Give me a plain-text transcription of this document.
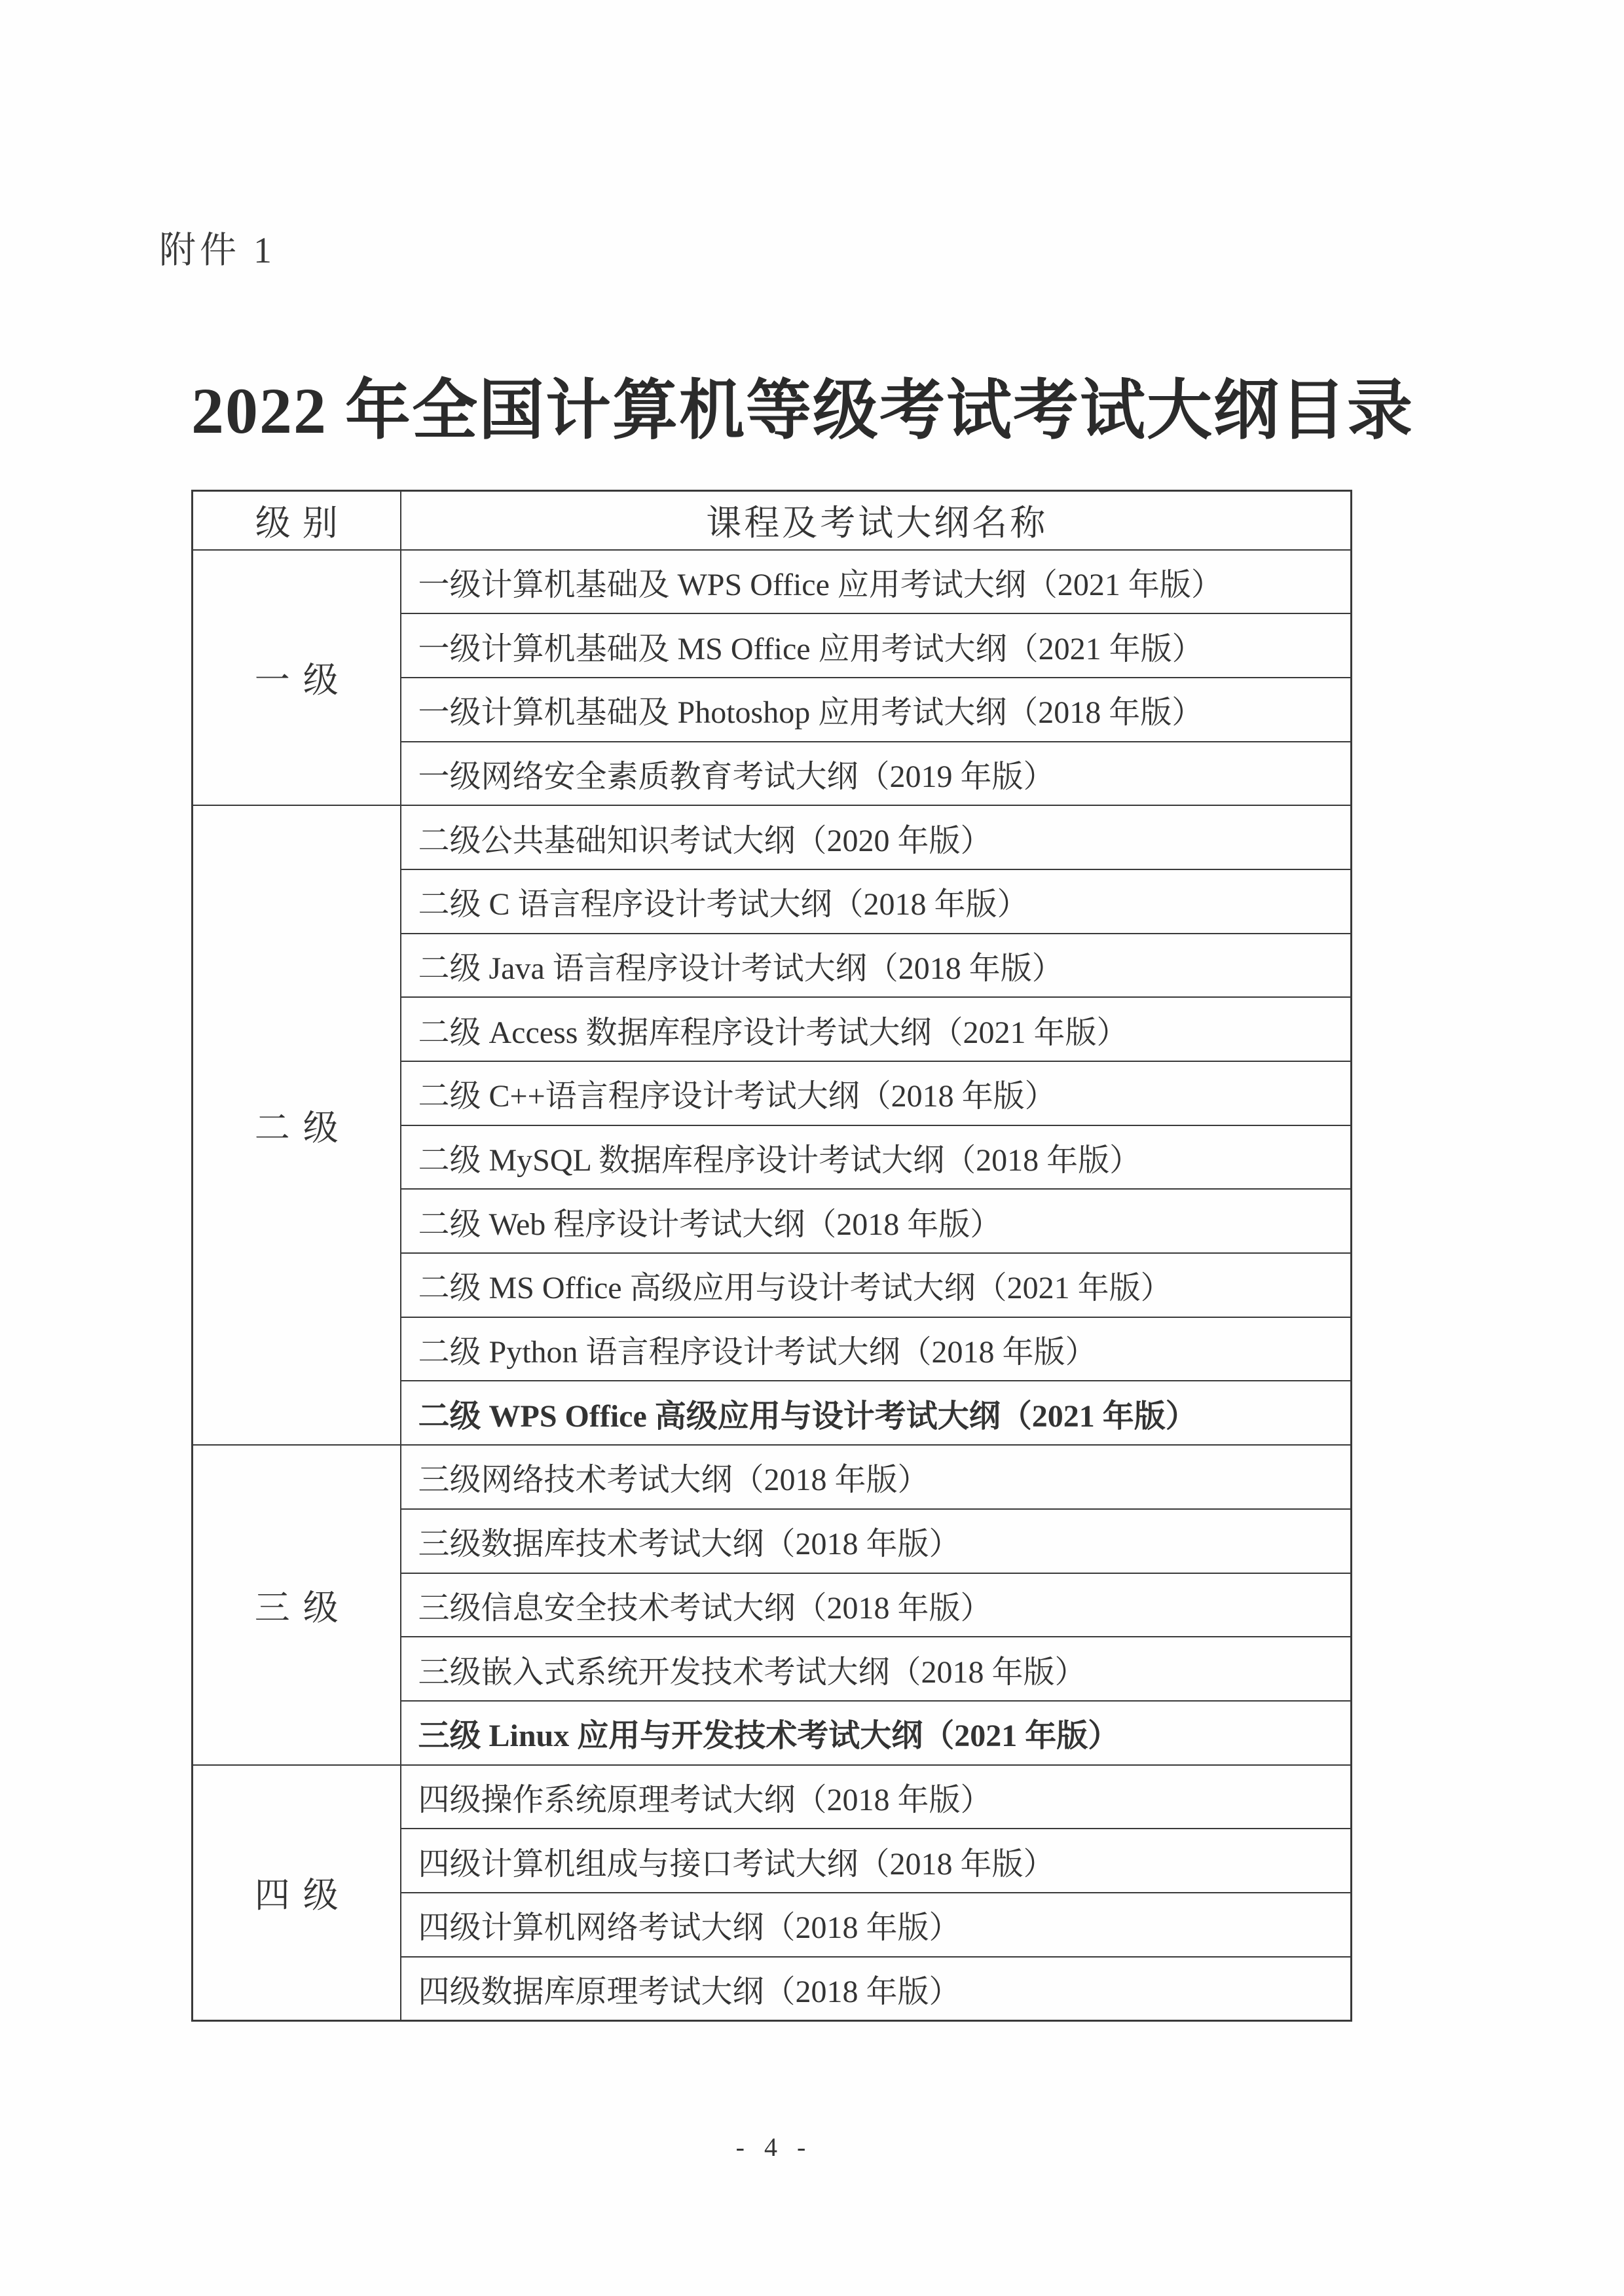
附件 1
2022 年全国计算机等级考试考试大纲目录
级别	课程及考试大纲名称
一级	一级计算机基础及 WPS Office 应用考试大纲（2021 年版）
	一级计算机基础及 MS Office 应用考试大纲（2021 年版）
	一级计算机基础及 Photoshop 应用考试大纲（2018 年版）
	一级网络安全素质教育考试大纲（2019 年版）
二级	二级公共基础知识考试大纲（2020 年版）
	二级 C 语言程序设计考试大纲（2018 年版）
	二级 Java 语言程序设计考试大纲（2018 年版）
	二级 Access 数据库程序设计考试大纲（2021 年版）
	二级 C++语言程序设计考试大纲（2018 年版）
	二级 MySQL 数据库程序设计考试大纲（2018 年版）
	二级 Web 程序设计考试大纲（2018 年版）
	二级 MS Office 高级应用与设计考试大纲（2021 年版）
	二级 Python 语言程序设计考试大纲（2018 年版）
	二级 WPS Office 高级应用与设计考试大纲（2021 年版）
三级	三级网络技术考试大纲（2018 年版）
	三级数据库技术考试大纲（2018 年版）
	三级信息安全技术考试大纲（2018 年版）
	三级嵌入式系统开发技术考试大纲（2018 年版）
	三级 Linux 应用与开发技术考试大纲（2021 年版）
四级	四级操作系统原理考试大纲（2018 年版）
	四级计算机组成与接口考试大纲（2018 年版）
	四级计算机网络考试大纲（2018 年版）
	四级数据库原理考试大纲（2018 年版）
- 4 -
